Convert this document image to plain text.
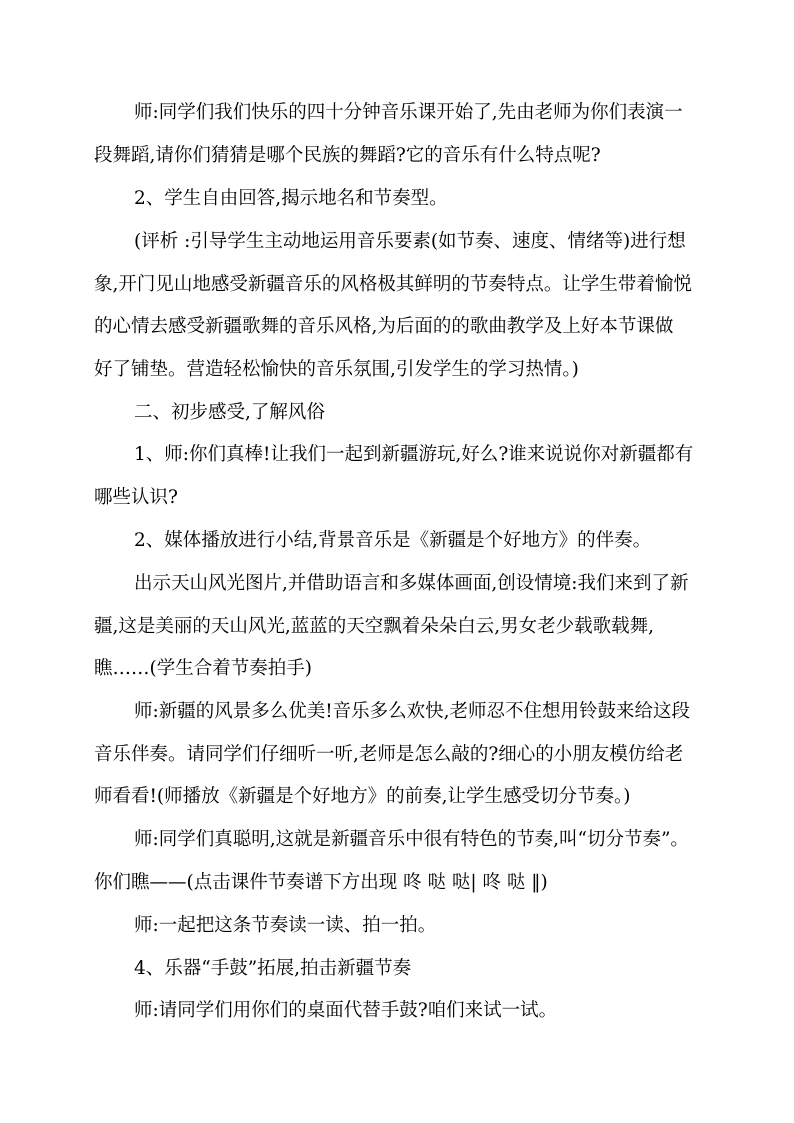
师:同学们我们快乐的四十分钟音乐课开始了,先由老师为你们表演一
段舞蹈,请你们猜猜是哪个民族的舞蹈?它的音乐有什么特点呢?
2、学生自由回答,揭示地名和节奏型。
(评析 :引导学生主动地运用音乐要素(如节奏、速度、情绪等)进行想
象,开门见山地感受新疆音乐的风格极其鲜明的节奏特点。让学生带着愉悦
的心情去感受新疆歌舞的音乐风格,为后面的的歌曲教学及上好本节课做
好了铺垫。营造轻松愉快的音乐氛围,引发学生的学习热情。)
二、初步感受,了解风俗
1、师:你们真棒!让我们一起到新疆游玩,好么?谁来说说你对新疆都有
哪些认识?
2、媒体播放进行小结,背景音乐是《新疆是个好地方》的伴奏。
出示天山风光图片,并借助语言和多媒体画面,创设情境:我们来到了新
疆,这是美丽的天山风光,蓝蓝的天空飘着朵朵白云,男女老少载歌载舞,
瞧……(学生合着节奏拍手)
师:新疆的风景多么优美!音乐多么欢快,老师忍不住想用铃鼓来给这段
音乐伴奏。请同学们仔细听一听,老师是怎么敲的?细心的小朋友模仿给老
师看看!(师播放《新疆是个好地方》的前奏,让学生感受切分节奏。)
师:同学们真聪明,这就是新疆音乐中很有特色的节奏,叫“切分节奏”。
你们瞧——(点击课件节奏谱下方出现 咚 哒 哒| 咚 哒 ‖)
师:一起把这条节奏读一读、拍一拍。
4、乐器“手鼓”拓展,拍击新疆节奏
师:请同学们用你们的桌面代替手鼓?咱们来试一试。
